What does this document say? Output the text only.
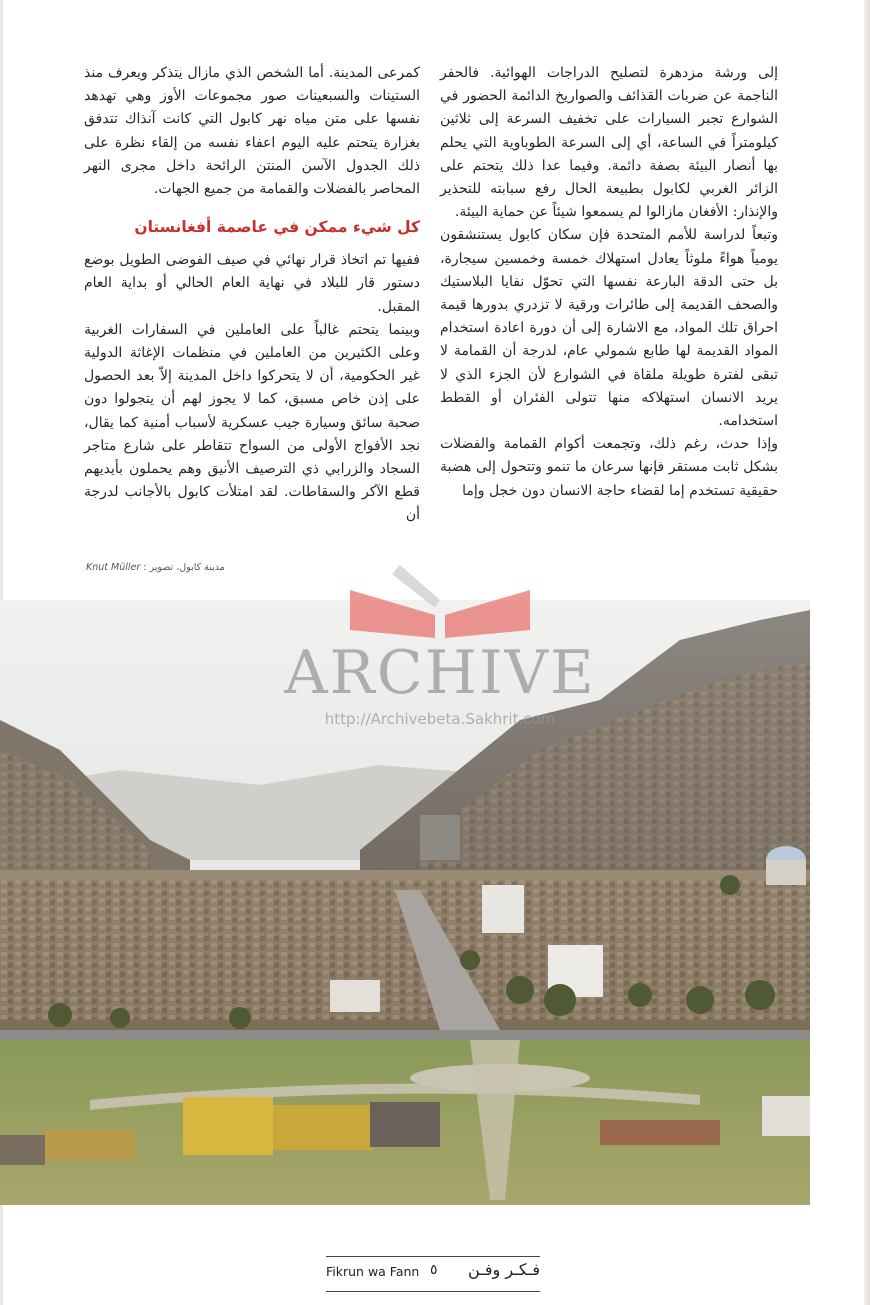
إلى ورشة مزدهرة لتصليح الدراجات الهوائية. فالحفر الناجمة عن ضربات القذائف والصواريخ الدائمة الحضور في الشوارع تجبر السيارات على تخفيف السرعة إلى ثلاثين كيلومتراً في الساعة، أي إلى السرعة الطوباوية التي يحلم بها أنصار البيئة بصفة دائمة. وفيما عدا ذلك يتحتم على الزائر الغربي لكابول بطبيعة الحال رفع سبابته للتحذير والإنذار: الأفغان مازالوا لم يسمعوا شيئاً عن حماية البيئة.

وتبعاً لدراسة للأمم المتحدة فإن سكان كابول يستنشقون يومياً هواءً ملوثاً يعادل استهلاك خمسة وخمسين سيجارة، بل حتى الدقة البارعة نفسها التي تحوّل نفايا البلاستيك والصحف القديمة إلى طائرات ورقية لا تزدري بدورها قيمة احراق تلك المواد، مع الاشارة إلى أن دورة اعادة استخدام المواد القديمة لها طابع شمولي عام، لدرجة أن القمامة لا تبقى لفترة طويلة ملقاة في الشوارع لأن الجزء الذي لا يريد الانسان استهلاكه منها تتولى الفئران أو القطط استخدامه.

وإذا حدث، رغم ذلك، وتجمعت أكوام القمامة والفضلات بشكل ثابت مستقر فإنها سرعان ما تنمو وتتحول إلى هضبة حقيقية تستخدم إما لقضاء حاجة الانسان دون خجل وإما

كمرعى المدينة. أما الشخص الذي مازال يتذكر ويعرف منذ الستينات والسبعينات صور مجموعات الأوز وهي تهدهد نفسها على متن مياه نهر كابول التي كانت آنذاك تتدفق بغزارة يتحتم عليه اليوم اعفاء نفسه من إلقاء نظرة على ذلك الجدول الآسن المنتن الرائحة داخل مجرى النهر المحاصر بالفضلات والقمامة من جميع الجهات.

كل شيء ممكن في عاصمة أفغانستان

ففيها تم اتخاذ قرار نهائي في صيف الفوضى الطويل بوضع دستور قار للبلاد في نهاية العام الحالي أو بداية العام المقبل.

وبينما يتحتم غالباً على العاملين في السفارات الغربية وعلى الكثيرين من العاملين في منظمات الإغاثة الدولية غير الحكومية، أن لا يتحركوا داخل المدينة إلاّ بعد الحصول على إذن خاص مسبق، كما لا يجوز لهم أن يتجولوا دون صحبة سائق وسيارة جيب عسكرية لأسباب أمنية كما يقال، نجد الأفواج الأولى من السواح تتقاطر على شارع متاجر السجاد والزرابي ذي الترصيف الأنيق وهم يحملون بأيديهم قطع الآكر والسقاطات. لقد امتلأت كابول بالأجانب لدرجة أن

مدينة كابول، تصوير : Knut Müller
ARCHIVE
http://Archivebeta.Sakhrit.com
Fikrun wa Fann ٥ فـكـر وفـن
